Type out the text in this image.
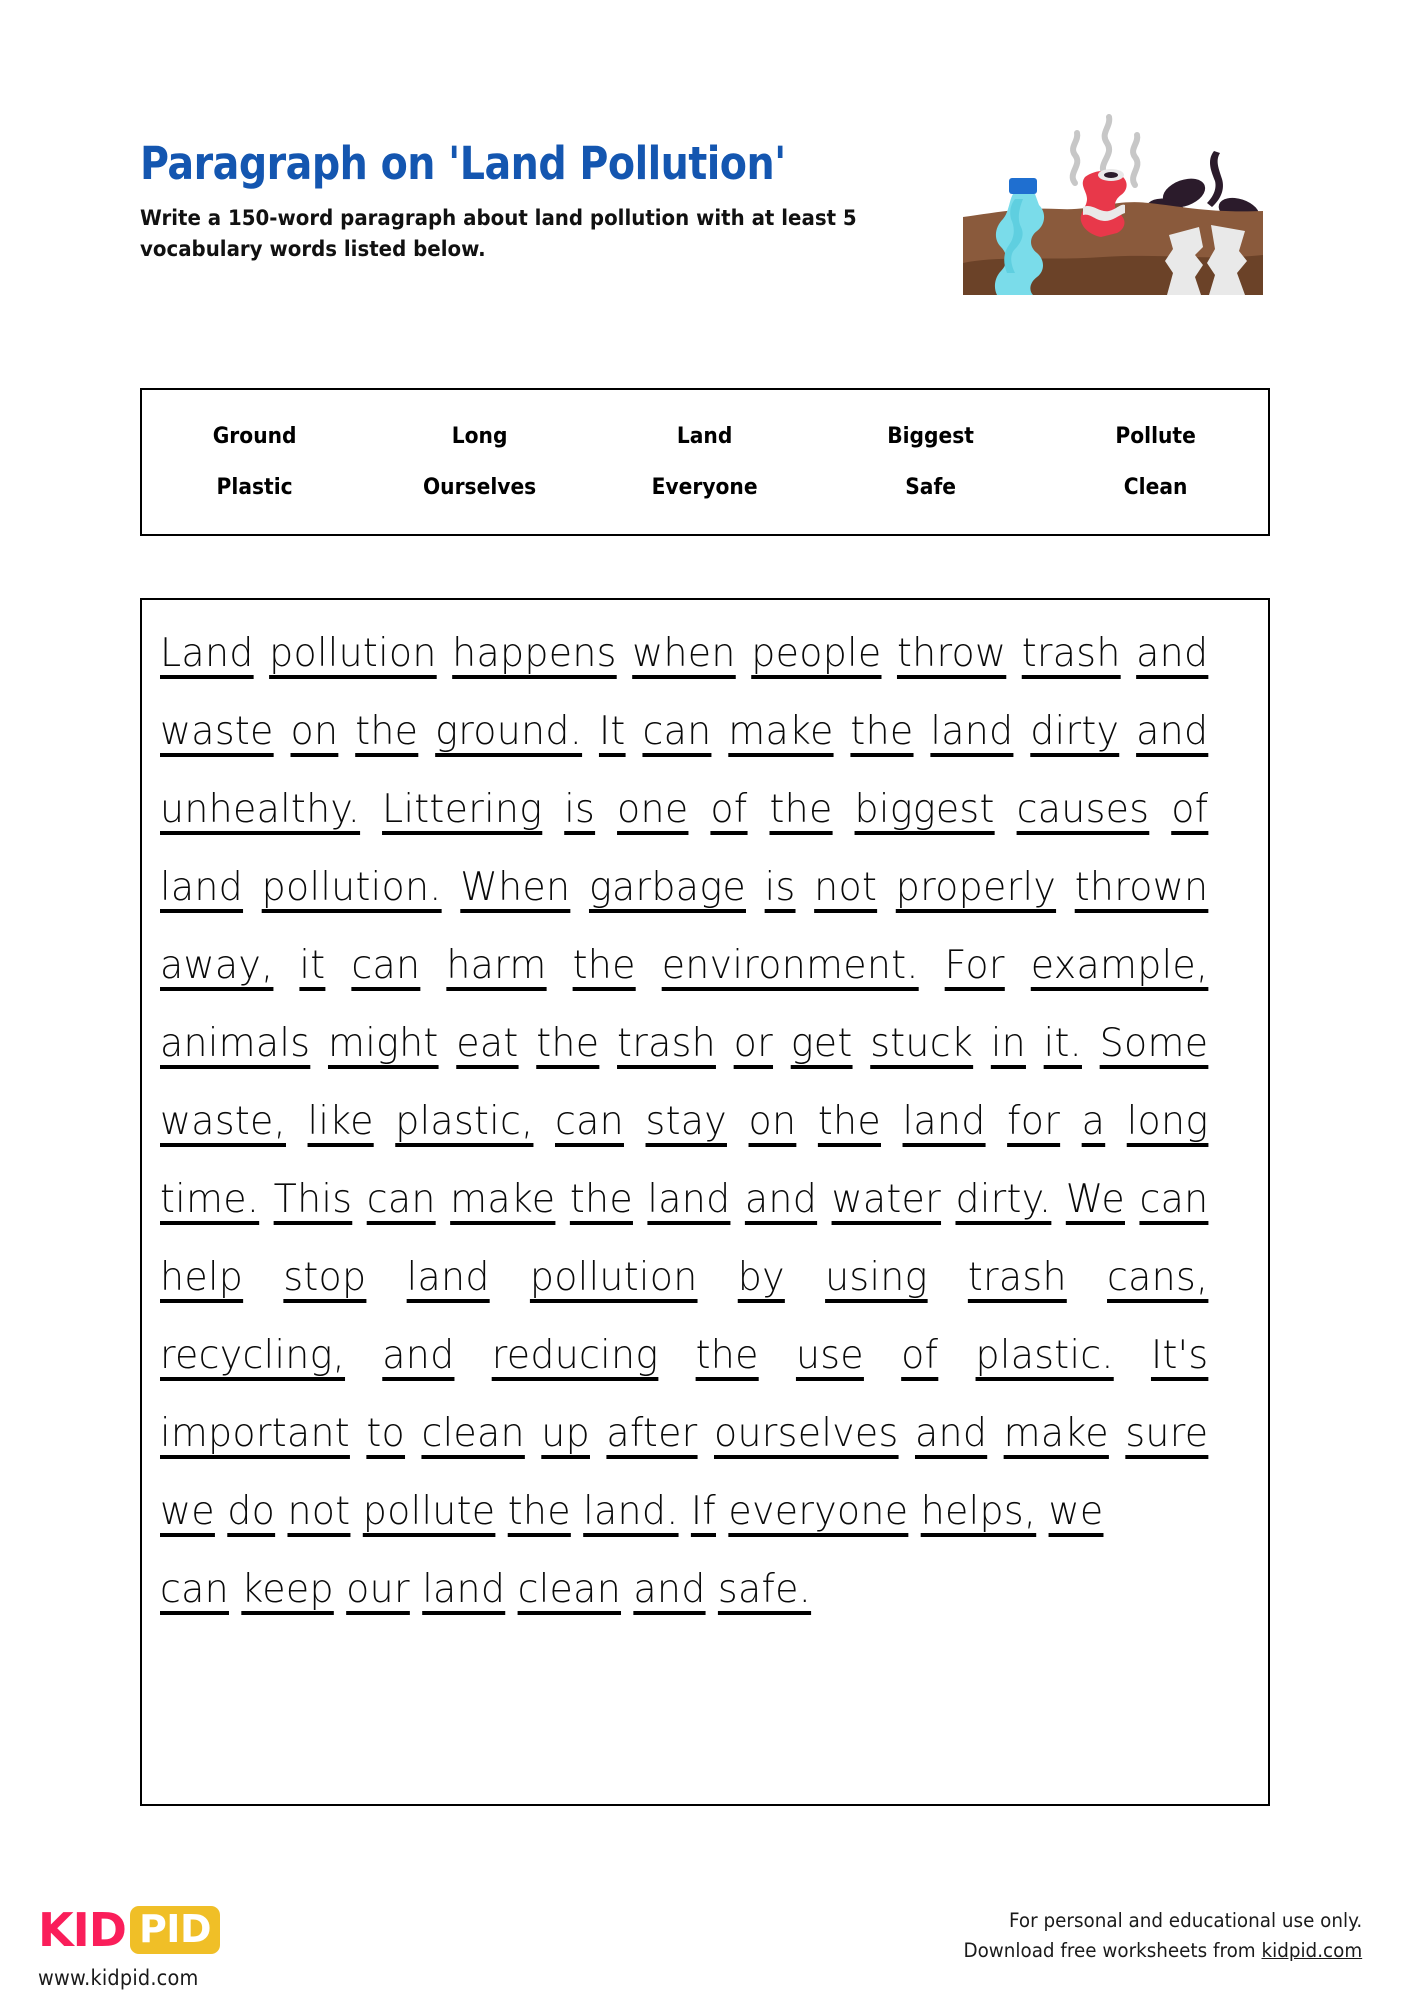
Paragraph on 'Land Pollution'

Write a 150-word paragraph about land pollution with at least 5 vocabulary words listed below.

Ground	Long	Land	Biggest	Pollute
Plastic	Ourselves	Everyone	Safe	Clean
Land pollution happens when people throw trash and waste on the ground. It can make the land dirty and unhealthy. Littering is one of the biggest causes of land pollution. When garbage is not properly thrown away, it can harm the environment. For example, animals might eat the trash or get stuck in it. Some waste, like plastic, can stay on the land for a long time. This can make the land and water dirty. We can help stop land pollution by using trash cans, recycling, and reducing the use of plastic. It's important to clean up after ourselves and make sure we do not pollute the land. If everyone helps, we
can keep our land clean and safe.
KID PID
www.kidpid.com
For personal and educational use only.
Download free worksheets from kidpid.com
